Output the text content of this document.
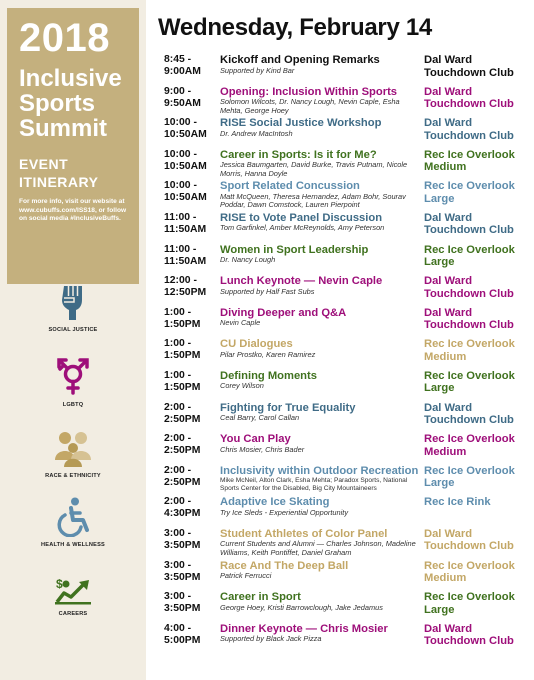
2018
Inclusive
Sports
Summit
EVENT
ITINERARY
For more info, visit our website at www.cubuffs.com/ISS18, or follow on social media #InclusiveBuffs.
SOCIAL JUSTICE
LGBTQ
RACE & ETHNICITY
HEALTH & WELLNESS
$
CAREERS
Wednesday, February 14
8:45 -
9:00AM
Kickoff and Opening Remarks
Supported by Kind Bar
Dal Ward
Touchdown Club
9:00 -
9:50AM
Opening: Inclusion Within Sports
Solomon Wilcots, Dr. Nancy Lough, Nevin Caple, Esha Mehta, George Hoey
Dal Ward
Touchdown Club
10:00 -
10:50AM
RISE Social Justice Workshop
Dr. Andrew MacIntosh
Dal Ward
Touchdown Club
10:00 -
10:50AM
Career in Sports: Is it for Me?
Jessica Baumgarten, David Burke, Travis Putnam, Nicole Morris, Hanna Doyle
Rec Ice Overlook
Medium
10:00 -
10:50AM
Sport Related Concussion
Matt McQueen, Theresa Hernandez, Adam Bohr, Sourav Poddar, Dawn Comstock, Lauren Pierpoint
Rec Ice Overlook
Large
11:00 -
11:50AM
RISE to Vote Panel Discussion
Tom Garfinkel, Amber McReynolds, Amy Peterson
Dal Ward
Touchdown Club
11:00 -
11:50AM
Women in Sport Leadership
Dr. Nancy Lough
Rec Ice Overlook
Large
12:00 -
12:50PM
Lunch Keynote — Nevin Caple
Supported by Half Fast Subs
Dal Ward
Touchdown Club
1:00 -
1:50PM
Diving Deeper and Q&A
Nevin Caple
Dal Ward
Touchdown Club
1:00 -
1:50PM
CU Dialogues
Pilar Prostko, Karen Ramirez
Rec Ice Overlook
Medium
1:00 -
1:50PM
Defining Moments
Corey Wilson
Rec Ice Overlook
Large
2:00 -
2:50PM
Fighting for True Equality
Ceal Barry, Carol Callan
Dal Ward
Touchdown Club
2:00 -
2:50PM
You Can Play
Chris Mosier, Chris Bader
Rec Ice Overlook
Medium
2:00 -
2:50PM
Inclusivity within Outdoor Recreation
Mike McNeil, Alton Clark, Esha Mehta; Paradox Sports, National Sports Center for the Disabled, Big City Mountaineers
Rec Ice Overlook
Large
2:00 -
4:30PM
Adaptive Ice Skating
Try Ice Sleds - Experiential Opportunity
Rec Ice Rink
3:00 -
3:50PM
Student Athletes of Color Panel
Current Students and Alumni — Charles Johnson, Madeline Williams, Keith Pontiffet, Daniel Graham
Dal Ward
Touchdown Club
3:00 -
3:50PM
Race And The Deep Ball
Patrick Ferrucci
Rec Ice Overlook
Medium
3:00 -
3:50PM
Career in Sport
George Hoey, Kristi Barrowclough, Jake Jedamus
Rec Ice Overlook
Large
4:00 -
5:00PM
Dinner Keynote — Chris Mosier
Supported by Black Jack Pizza
Dal Ward
Touchdown Club
